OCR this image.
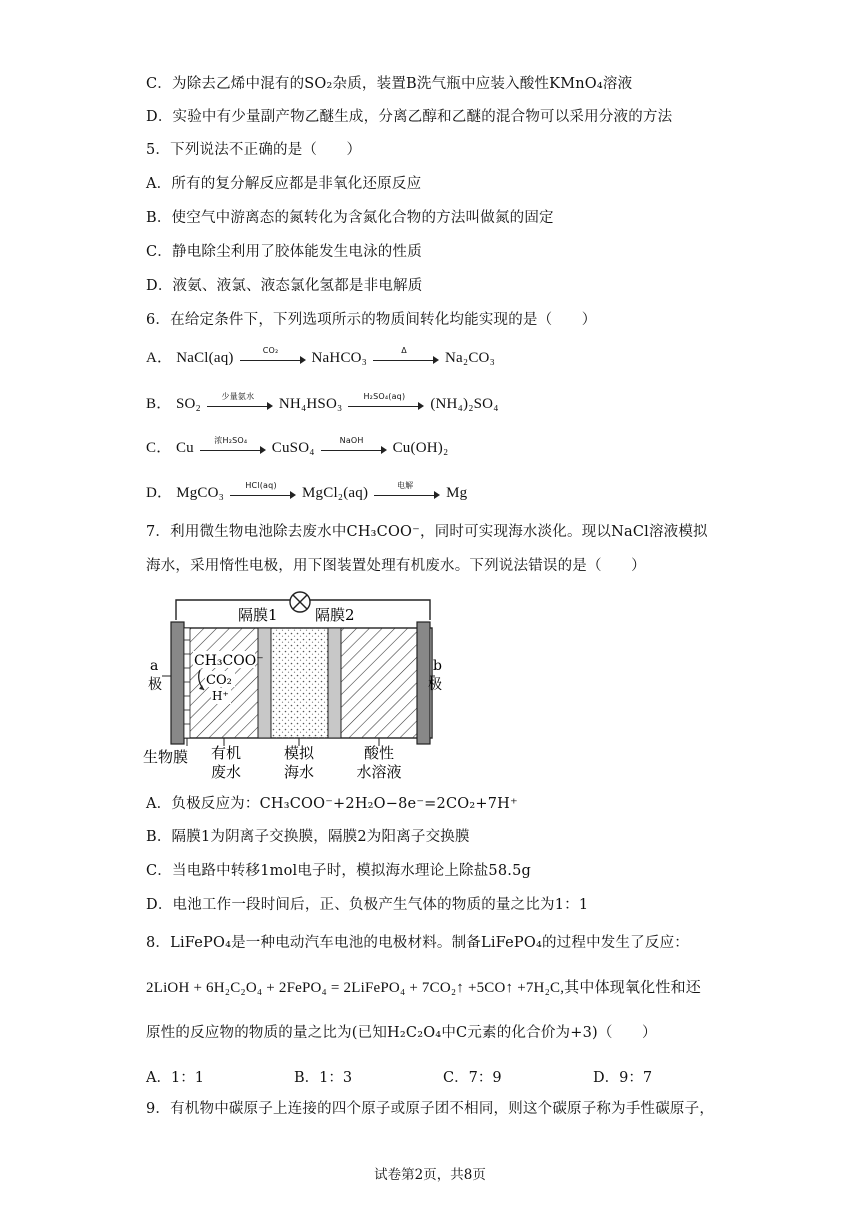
C．为除去乙烯中混有的SO₂杂质，装置B洗气瓶中应装入酸性KMnO₄溶液
D．实验中有少量副产物乙醚生成，分离乙醇和乙醚的混合物可以采用分液的方法
5．下列说法不正确的是（　　）
A．所有的复分解反应都是非氧化还原反应
B．使空气中游离态的氮转化为含氮化合物的方法叫做氮的固定
C．静电除尘利用了胶体能发生电泳的性质
D．液氨、液氯、液态氯化氢都是非电解质
6．在给定条件下，下列选项所示的物质间转化均能实现的是（　　）
A． NaCl(aq)	CO₂	NaHCO₃	Δ	Na₂CO₃
B． SO₂	少量氨水	NH₄HSO₃	H₂SO₄(aq)	(NH₄)₂SO₄
C． Cu	浓H₂SO₄	CuSO₄	NaOH	Cu(OH)₂
D． MgCO₃	HCl(aq)	MgCl₂(aq)	电解	Mg
7．利用微生物电池除去废水中CH₃COO⁻，同时可实现海水淡化。现以NaCl溶液模拟
海水，采用惰性电极，用下图装置处理有机废水。下列说法错误的是（　　）
隔膜1 隔膜2
CH₃COO⁻
CO₂
H⁺
a
极
b
极
生物膜 有机
废水
模拟
海水
酸性
水溶液
A．负极反应为：CH₃COO⁻+2H₂O−8e⁻=2CO₂+7H⁺
B．隔膜1为阴离子交换膜，隔膜2为阳离子交换膜
C．当电路中转移1mol电子时，模拟海水理论上除盐58.5g
D．电池工作一段时间后，正、负极产生气体的物质的量之比为1：1
8．LiFePO₄是一种电动汽车电池的电极材料。制备LiFePO₄的过程中发生了反应：
2LiOH + 6H₂C₂O₄ + 2FePO₄ = 2LiFePO₄ + 7CO₂↑ +5CO↑ +7H₂C,其中体现氧化性和还
原性的反应物的物质的量之比为(已知H₂C₂O₄中C元素的化合价为+3)（　　）
A．1：1	B．1：3	C．7：9	D．9：7
9．有机物中碳原子上连接的四个原子或原子团不相同，则这个碳原子称为手性碳原子，
试卷第2页，共8页
